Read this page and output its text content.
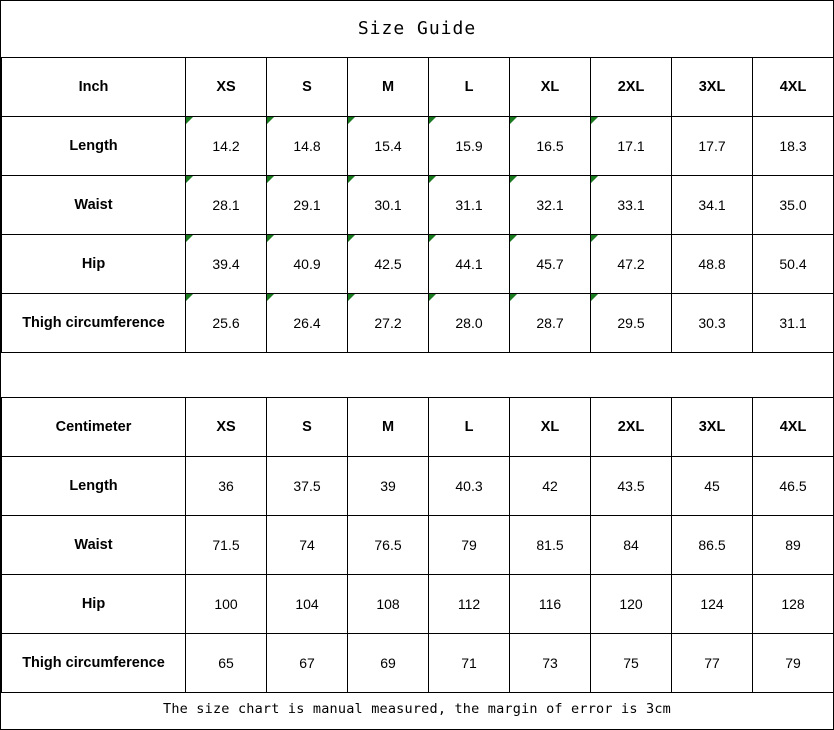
Size Guide
Inch	XS	S	M	L	XL	2XL	3XL	4XL
Length	14.2	14.8	15.4	15.9	16.5	17.1	17.7	18.3
Waist	28.1	29.1	30.1	31.1	32.1	33.1	34.1	35.0
Hip	39.4	40.9	42.5	44.1	45.7	47.2	48.8	50.4
Thigh circumference	25.6	26.4	27.2	28.0	28.7	29.5	30.3	31.1
Centimeter	XS	S	M	L	XL	2XL	3XL	4XL
Length	36	37.5	39	40.3	42	43.5	45	46.5
Waist	71.5	74	76.5	79	81.5	84	86.5	89
Hip	100	104	108	112	116	120	124	128
Thigh circumference	65	67	69	71	73	75	77	79
The size chart is manual measured, the margin of error is 3cm
